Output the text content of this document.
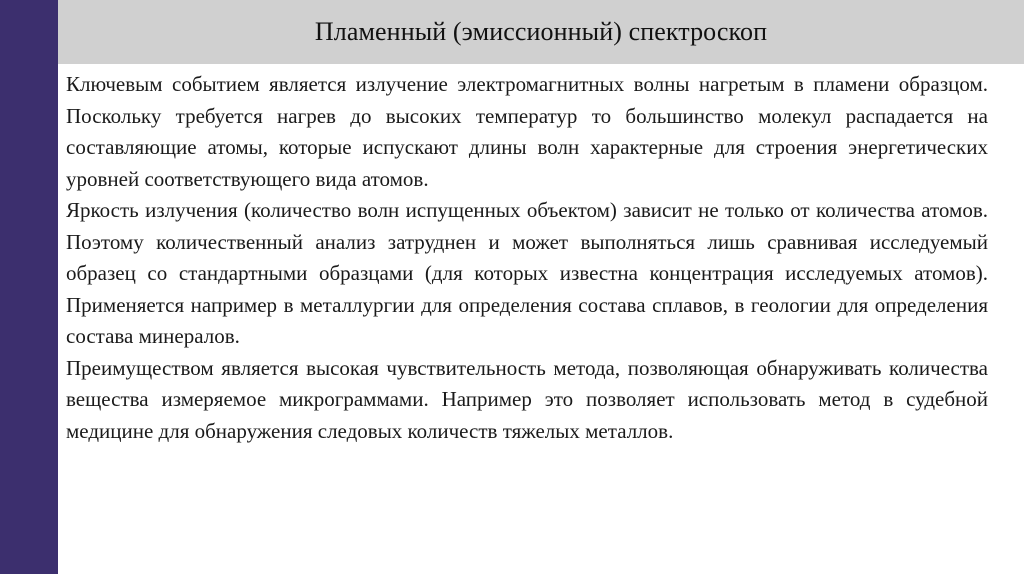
Пламенный (эмиссионный) спектроскоп

Ключевым событием является излучение электромагнитных волны нагретым в пламени образцом. Поскольку требуется нагрев до высоких температур то большинство молекул распадается на составляющие атомы, которые испускают длины волн характерные для строения энергетических уровней соответствующего вида атомов.

Яркость излучения (количество волн испущенных объектом) зависит не только от количества атомов. Поэтому количественный анализ затруднен и может выполняться лишь сравнивая исследуемый образец со стандартными образцами (для которых известна концентрация исследуемых атомов). Применяется например в металлургии для определения состава сплавов, в геологии для определения состава минералов.

Преимуществом является высокая чувствительность метода, позволяющая обнаруживать количества вещества измеряемое микрограммами. Например это позволяет использовать метод в судебной медицине для обнаружения следовых количеств тяжелых металлов.
